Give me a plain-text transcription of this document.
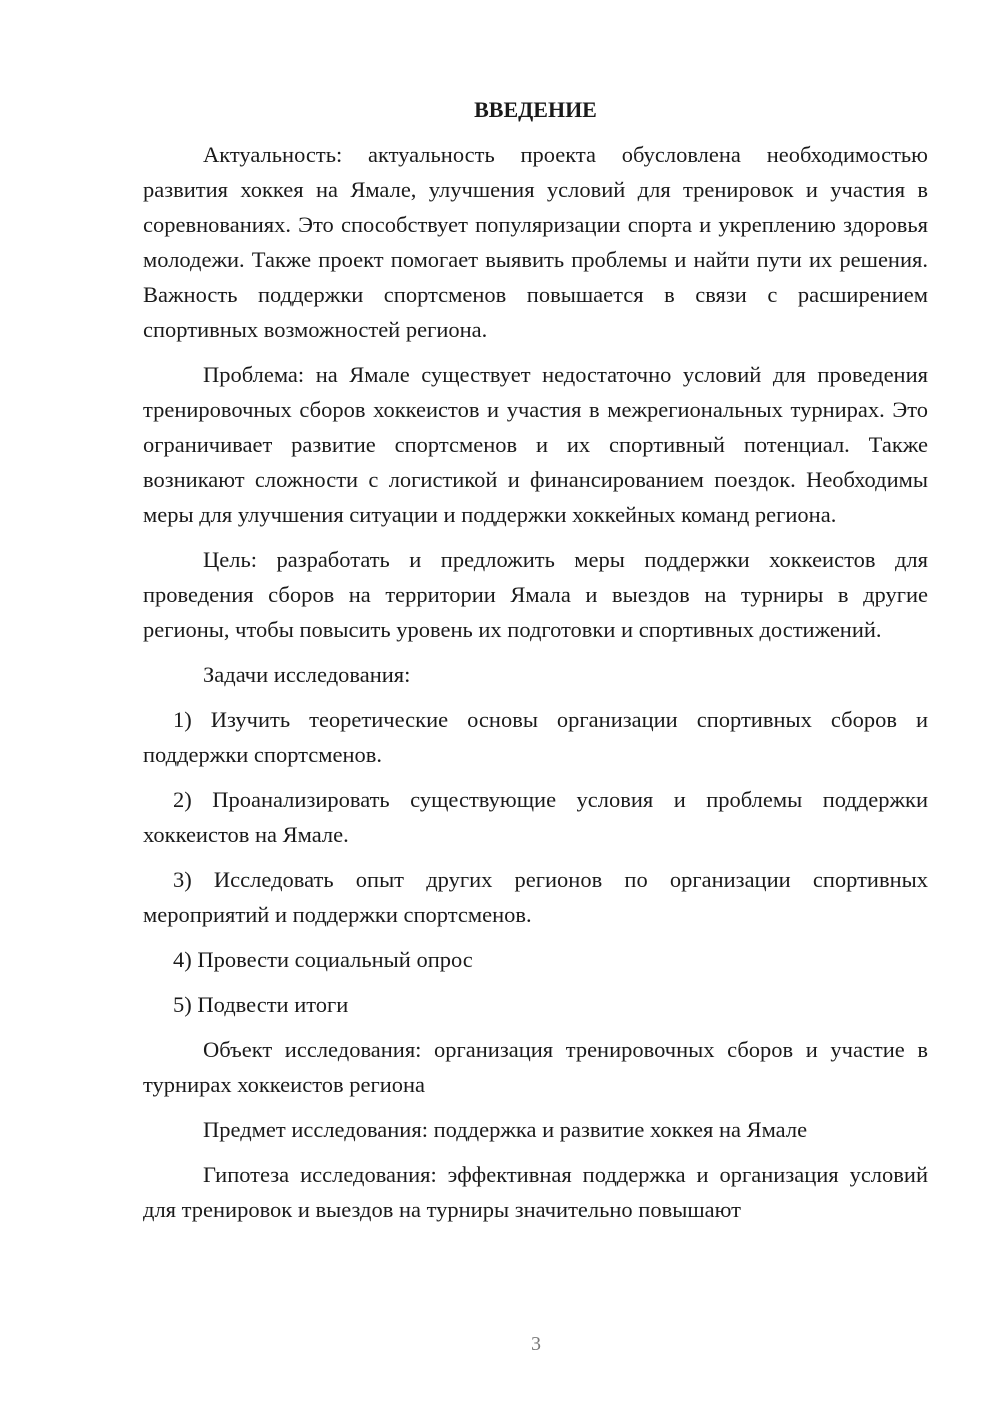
ВВЕДЕНИЕ

Актуальность: актуальность проекта обусловлена необходимостью развития хоккея на Ямале, улучшения условий для тренировок и участия в соревнованиях. Это способствует популяризации спорта и укреплению здоровья молодежи. Также проект помогает выявить проблемы и найти пути их решения. Важность поддержки спортсменов повышается в связи с расширением спортивных возможностей региона.

Проблема: на Ямале существует недостаточно условий для проведения тренировочных сборов хоккеистов и участия в межрегиональных турнирах. Это ограничивает развитие спортсменов и их спортивный потенциал. Также возникают сложности с логистикой и финансированием поездок. Необходимы меры для улучшения ситуации и поддержки хоккейных команд региона.

Цель: разработать и предложить меры поддержки хоккеистов для проведения сборов на территории Ямала и выездов на турниры в другие регионы, чтобы повысить уровень их подготовки и спортивных достижений.

Задачи исследования:

1) Изучить теоретические основы организации спортивных сборов и поддержки спортсменов.

2) Проанализировать существующие условия и проблемы поддержки хоккеистов на Ямале.

3) Исследовать опыт других регионов по организации спортивных мероприятий и поддержки спортсменов.

4) Провести социальный опрос

5) Подвести итоги

Объект исследования: организация тренировочных сборов и участие в турнирах хоккеистов региона

Предмет исследования: поддержка и развитие хоккея на Ямале

Гипотеза исследования: эффективная поддержка и организация условий для тренировок и выездов на турниры значительно повышают

3
